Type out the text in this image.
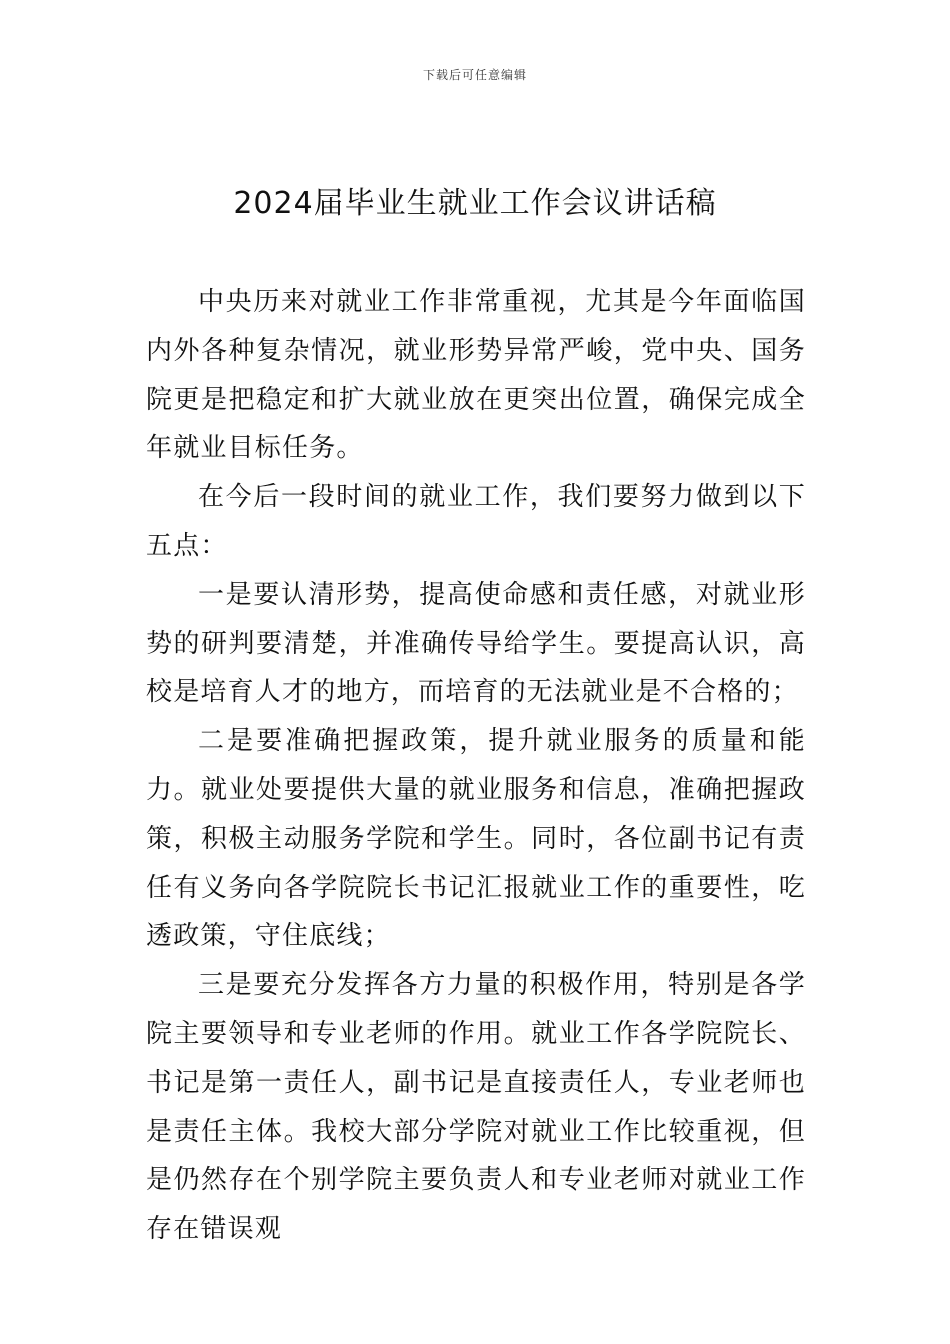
下载后可任意编辑
2024届毕业生就业工作会议讲话稿

中央历来对就业工作非常重视，尤其是今年面临国内外各种复杂情况，就业形势异常严峻，党中央、国务院更是把稳定和扩大就业放在更突出位置，确保完成全年就业目标任务。

在今后一段时间的就业工作，我们要努力做到以下五点：

一是要认清形势，提高使命感和责任感，对就业形势的研判要清楚，并准确传导给学生。要提高认识，高校是培育人才的地方，而培育的无法就业是不合格的；

二是要准确把握政策，提升就业服务的质量和能力。就业处要提供大量的就业服务和信息，准确把握政策，积极主动服务学院和学生。同时，各位副书记有责任有义务向各学院院长书记汇报就业工作的重要性，吃透政策，守住底线；

三是要充分发挥各方力量的积极作用，特别是各学院主要领导和专业老师的作用。就业工作各学院院长、书记是第一责任人，副书记是直接责任人，专业老师也是责任主体。我校大部分学院对就业工作比较重视，但是仍然存在个别学院主要负责人和专业老师对就业工作存在错误观
